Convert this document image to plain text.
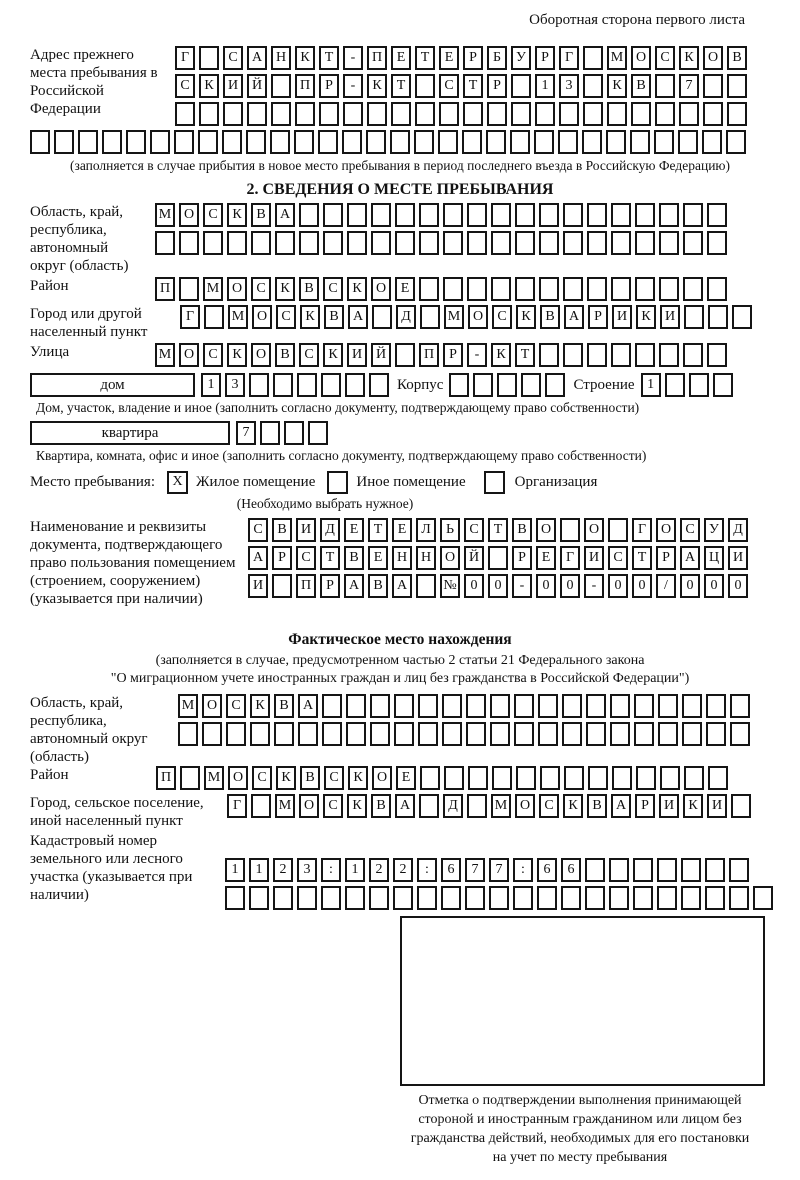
Оборотная сторона первого листа
Адрес прежнего места пребывания в Российской Федерации
Г	С	А Н	К	Т	-	П	Е	Т	Е	Р	Б	У	Р	Г	М О	С	К	О	В
С	К	И Й	П	Р	-	К	Т	С	Т	Р	1	3	К	В	7
(заполняется в случае прибытия в новое место пребывания в период последнего въезда в Российскую Федерацию)
2. СВЕДЕНИЯ О МЕСТЕ ПРЕБЫВАНИЯ
Область, край, республика, автономный округ (область)
М О	С	К	В	А
Район	П	М О	С	К	В	С	К	О	Е
Город или другой населенный пункт
Г	М О	С	К	В	А	Д	М О	С	К	В	А	Р	И	К	И
Улица	М О	С	К	О	В	С	К	И Й	П	Р	-	К	Т
дом	1	3	Корпус	Строение 1
Дом, участок, владение и иное (заполнить согласно документу, подтверждающему право собственности)
квартира	7
Квартира, комната, офис и иное (заполнить согласно документу, подтверждающему право собственности)
Место пребывания:	X Жилое помещение	Иное помещение	Организация
(Необходимо выбрать нужное)
Наименование и реквизиты документа, подтверждающего право пользования помещением (строением, сооружением) (указывается при наличии)
С	В	И	Д	Е	Т	Е	Л	Ь	С	Т	В	О	О	Г	О	С	У	Д
А	Р	С	Т	В	Е	Н Н О Й	Р	Е	Г	И	С	Т	Р	А Ц И
И	П	Р	А	В	А	№ 0	0	-	0	0	-	0	0	/	0	0	0
Фактическое место нахождения
(заполняется в случае, предусмотренном частью 2 статьи 21 Федерального закона
"О миграционном учете иностранных граждан и лиц без гражданства в Российской Федерации")
Область, край, республика, автономный округ (область)
М О	С	К	В	А
Район	П	М О	С	К	В	С	К	О	Е
Город, сельское поселение, иной населенный пункт
Г	М О	С	К	В	А	Д	М О	С	К	В	А	Р	И	К	И
Кадастровый номер земельного или лесного участка (указывается при наличии)
1	1	2	3	:	1	2	2	:	6	7	7	:	6	6
Отметка о подтверждении выполнения принимающей
стороной и иностранным гражданином или лицом без
гражданства действий, необходимых для его постановки
на учет по месту пребывания
